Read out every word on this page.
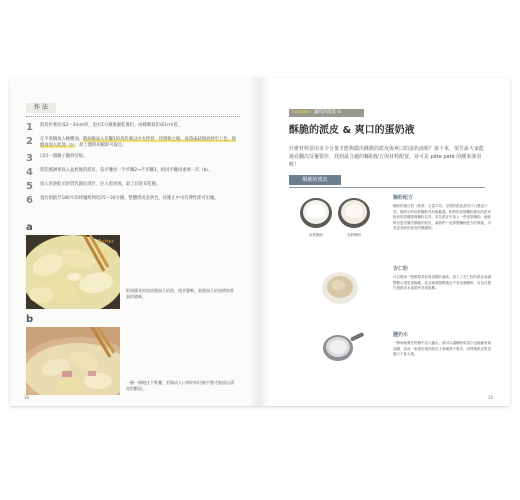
作 法
1	將馬鈴薯切成2～3mm厚，泡水1分鐘後瀝乾備用。兩種蘑菇切成1cm寬。
2	在平底鍋加入橄欖油，熱油後加入步驟1的馬鈴薯以中火拌炒，待變軟之後，再將兩菇類放炒至上色，接續再加入奶油（a），最上鹽與胡椒即可取出。
3	以同一個鍋子翻炒培根。
4	將乳酪淋要高入盆底後的派皮。依序疊放一半步驟2→半步驟3，相同步驟再重複一次（b）。
5	加入的油乾司與質乳鋪於部位，注入蛋奶液，最上切洗布乾酪。
6	置於預熱至180℃的烤爐烤烘焙25～30分鐘。整體烤成金黃色，按壓正中央有彈性即可出爐。
a
Butter
把兩種食材放涼後加入奶油，使其變軟。最後加入奶油增加香氣的風味。
b
一層一層地往下堆疊，若做成入口時的料比較平整才能放出漂亮的斷面。
34
column 讓我的派皮 ①
酥脆的派皮 & 爽口的蛋奶液
什麼材料要用多少分量才能夠做出酥脆的派皮與爽口的蛋奶液呢？接下來，要告訴大家能過看翻次反覆製作，找到最合適的麵粉配方與材料配置，並可是 pâte paté 的醍來談看喔！
酥脆的派皮
低筋麵粉	高筋麵粉
麵粉配方
麵粉的蛋白質（麩質）含量不同，呈現的派底及咬口口感也不同。硬質小的低筋麵粉具有酥鬆感，相對的高筋麵粉做出的派皮較有咬勁嚼感與麵粉以外，若在派皮中加入一些高筋麵粉，就能烤出更有層次酥脆的派皮，讓我們一起掌握麵粉配方的奧秘，享受更美味的派皮的樂趣吧。
杏仁粉
可以增添一股醇厚香氣與香醇的風味。加入了杏仁粉的派皮會讓整體口感更加酥鬆，並且就算脫模後也不易受潮變軟，所以在製作蛋派或水果派時非常推薦。
鹽奶水
一開始就要在粉類中加入鹽水，最可以讓麵粉用量少也能確實與成團，如此一來揉好後的派皮才會硬滑不黏手，烘烤後派皮既香脆又不會太硬。
35
